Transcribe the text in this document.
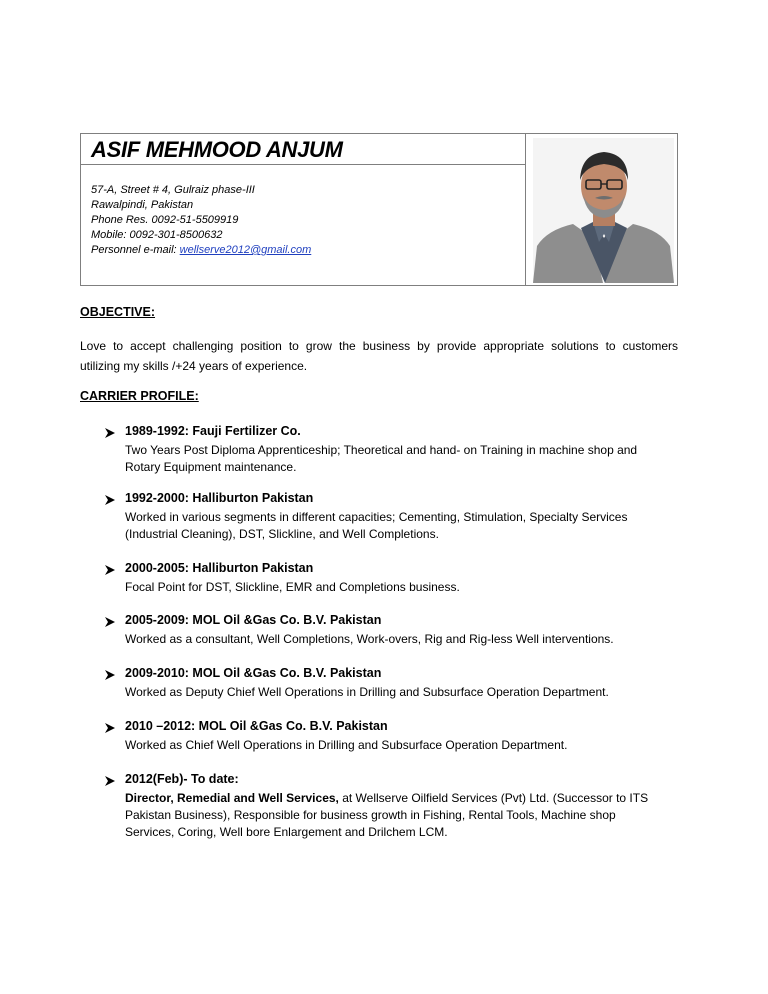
ASIF MEHMOOD ANJUM
57-A, Street # 4, Gulraiz phase-III
Rawalpindi, Pakistan
Phone Res. 0092-51-5509919
Mobile: 0092-301-8500632
Personnel e-mail: wellserve2012@gmail.com
OBJECTIVE:
Love to accept challenging position to grow the business by provide appropriate solutions to customers
utilizing my skills /+24 years of experience.
CARRIER PROFILE:
1989-1992: Fauji Fertilizer Co.
Two Years Post Diploma Apprenticeship; Theoretical and hand- on Training in machine shop and
Rotary Equipment maintenance.
1992-2000: Halliburton Pakistan
Worked in various segments in different capacities; Cementing, Stimulation, Specialty Services
(Industrial Cleaning), DST, Slickline, and Well Completions.
2000-2005: Halliburton Pakistan
Focal Point for DST, Slickline, EMR and Completions business.
2005-2009: MOL Oil &Gas Co. B.V. Pakistan
Worked as a consultant, Well Completions, Work-overs, Rig and Rig-less Well interventions.
2009-2010: MOL Oil &Gas Co. B.V. Pakistan
Worked as Deputy Chief Well Operations in Drilling and Subsurface Operation Department.
2010 –2012: MOL Oil &Gas Co. B.V. Pakistan
Worked as Chief Well Operations in Drilling and Subsurface Operation Department.
2012(Feb)- To date:
Director, Remedial and Well Services, at Wellserve Oilfield Services (Pvt) Ltd. (Successor to ITS
Pakistan Business), Responsible for business growth in Fishing, Rental Tools, Machine shop
Services, Coring, Well bore Enlargement and Drilchem LCM.
